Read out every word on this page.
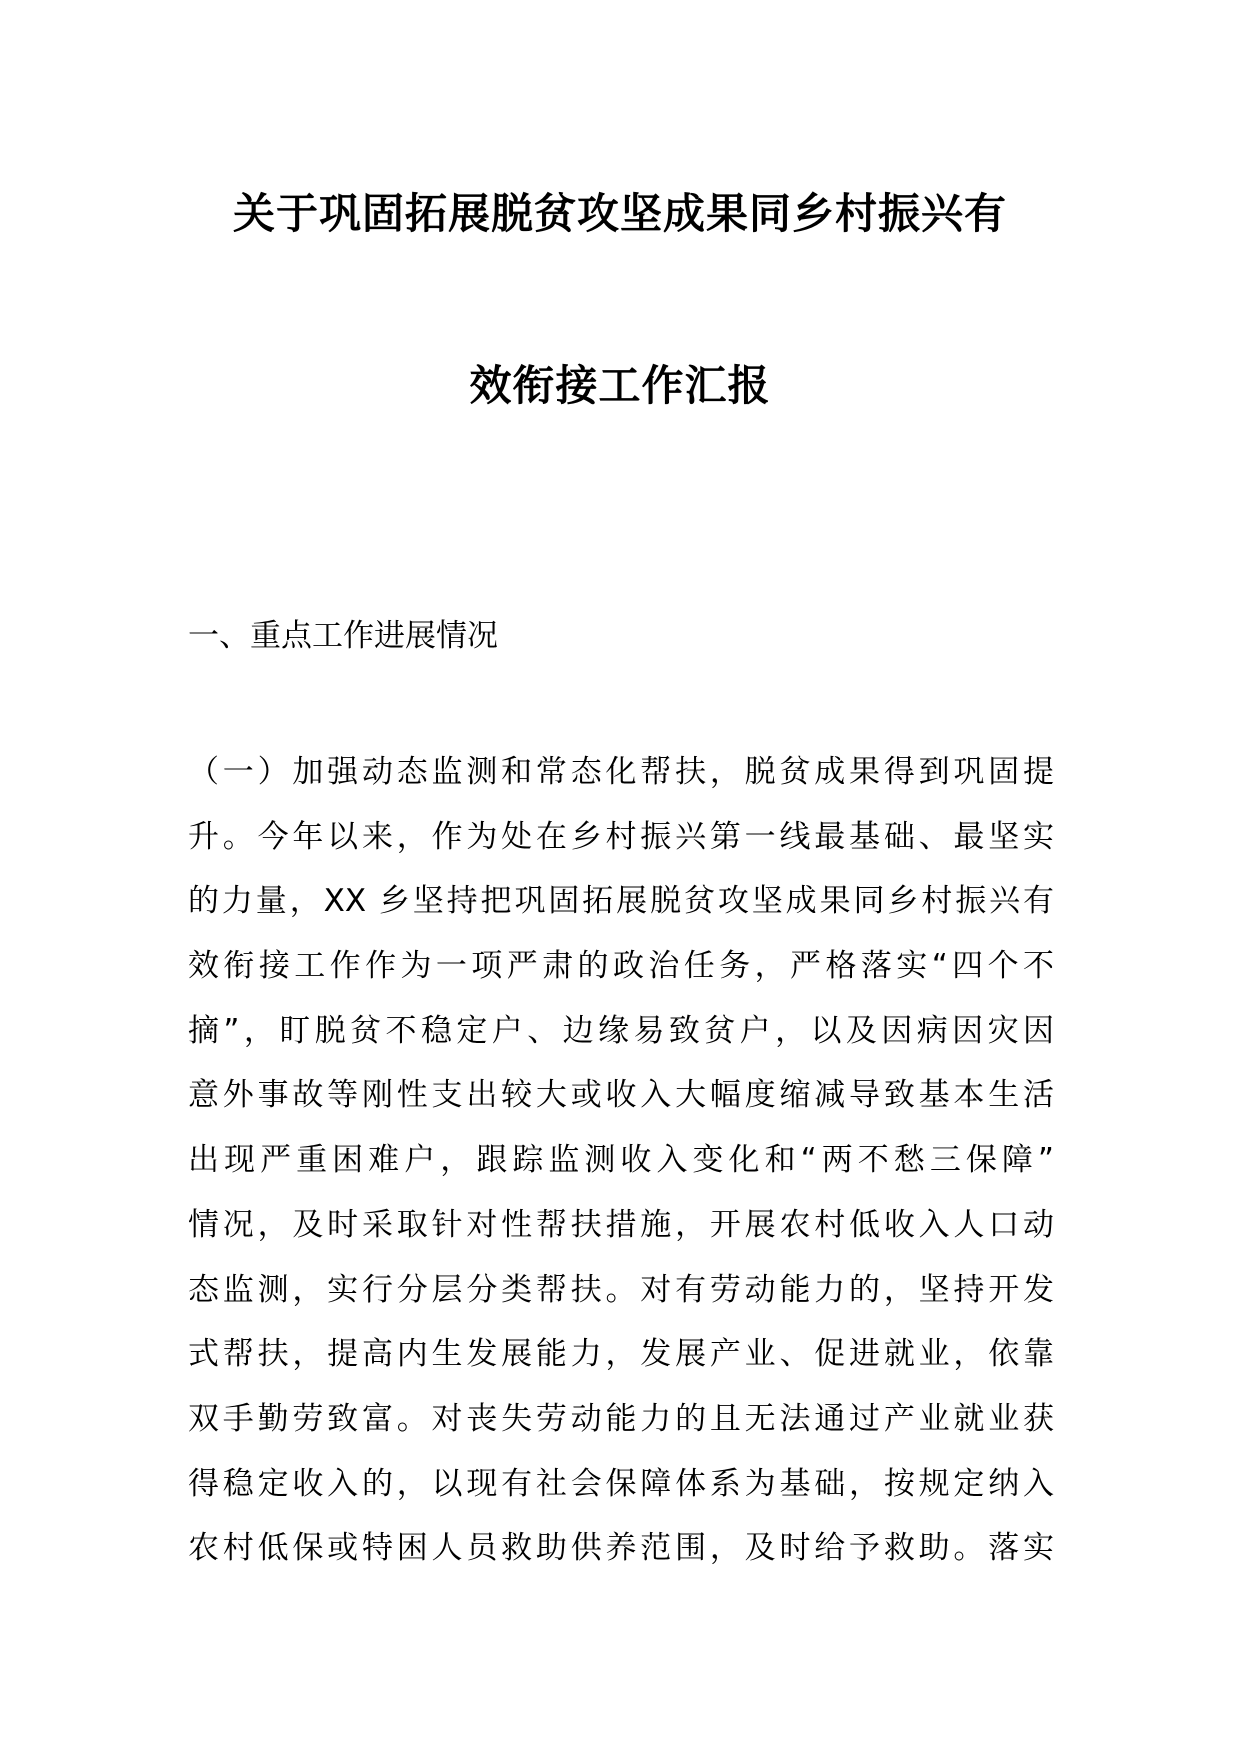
关于巩固拓展脱贫攻坚成果同乡村振兴有
效衔接工作汇报
一、重点工作进展情况
（一）加强动态监测和常态化帮扶，脱贫成果得到巩固提
升。今年以来，作为处在乡村振兴第一线最基础、最坚实
的力量，XX 乡坚持把巩固拓展脱贫攻坚成果同乡村振兴有
效衔接工作作为一项严肃的政治任务，严格落实“四个不
摘”，盯脱贫不稳定户、边缘易致贫户，以及因病因灾因
意外事故等刚性支出较大或收入大幅度缩减导致基本生活
出现严重困难户，跟踪监测收入变化和“两不愁三保障”
情况，及时采取针对性帮扶措施，开展农村低收入人口动
态监测，实行分层分类帮扶。对有劳动能力的，坚持开发
式帮扶，提高内生发展能力，发展产业、促进就业，依靠
双手勤劳致富。对丧失劳动能力的且无法通过产业就业获
得稳定收入的，以现有社会保障体系为基础，按规定纳入
农村低保或特困人员救助供养范围，及时给予救助。落实
